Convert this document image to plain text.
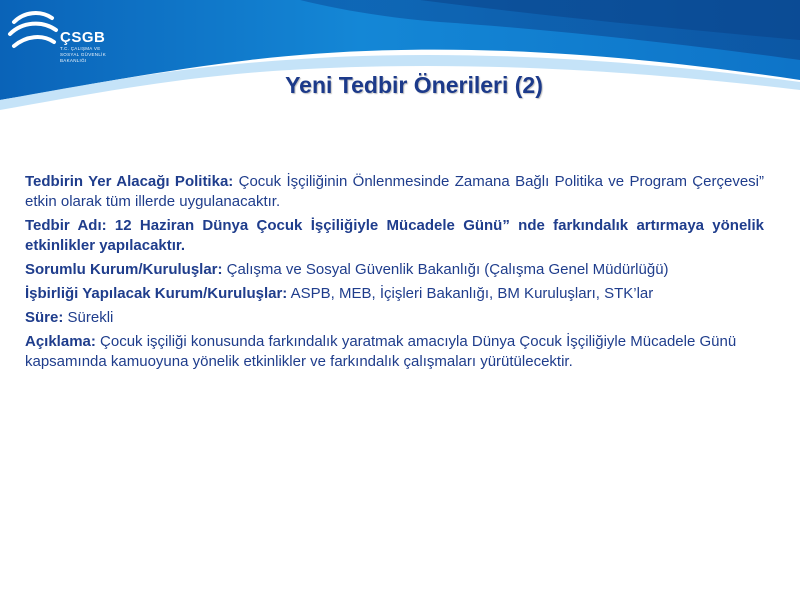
ÇSGB
T.C. ÇALIŞMA VE
SOSYAL GÜVENLİK
BAKANLIĞI
Yeni Tedbir Önerileri (2)

Tedbirin Yer Alacağı Politika: Çocuk İşçiliğinin Önlenmesinde Zamana Bağlı Politika ve Program Çerçevesi” etkin olarak tüm illerde uygulanacaktır.

Tedbir Adı: 12 Haziran Dünya Çocuk İşçiliğiyle Mücadele Günü” nde farkındalık artırmaya yönelik etkinlikler yapılacaktır.

Sorumlu Kurum/Kuruluşlar: Çalışma ve Sosyal Güvenlik Bakanlığı (Çalışma Genel Müdürlüğü)

İşbirliği Yapılacak Kurum/Kuruluşlar: ASPB, MEB, İçişleri Bakanlığı, BM Kuruluşları, STK’lar

Süre: Sürekli

Açıklama: Çocuk işçiliği konusunda farkındalık yaratmak amacıyla Dünya Çocuk İşçiliğiyle Mücadele Günü kapsamında kamuoyuna yönelik etkinlikler ve farkındalık çalışmaları yürütülecektir.
